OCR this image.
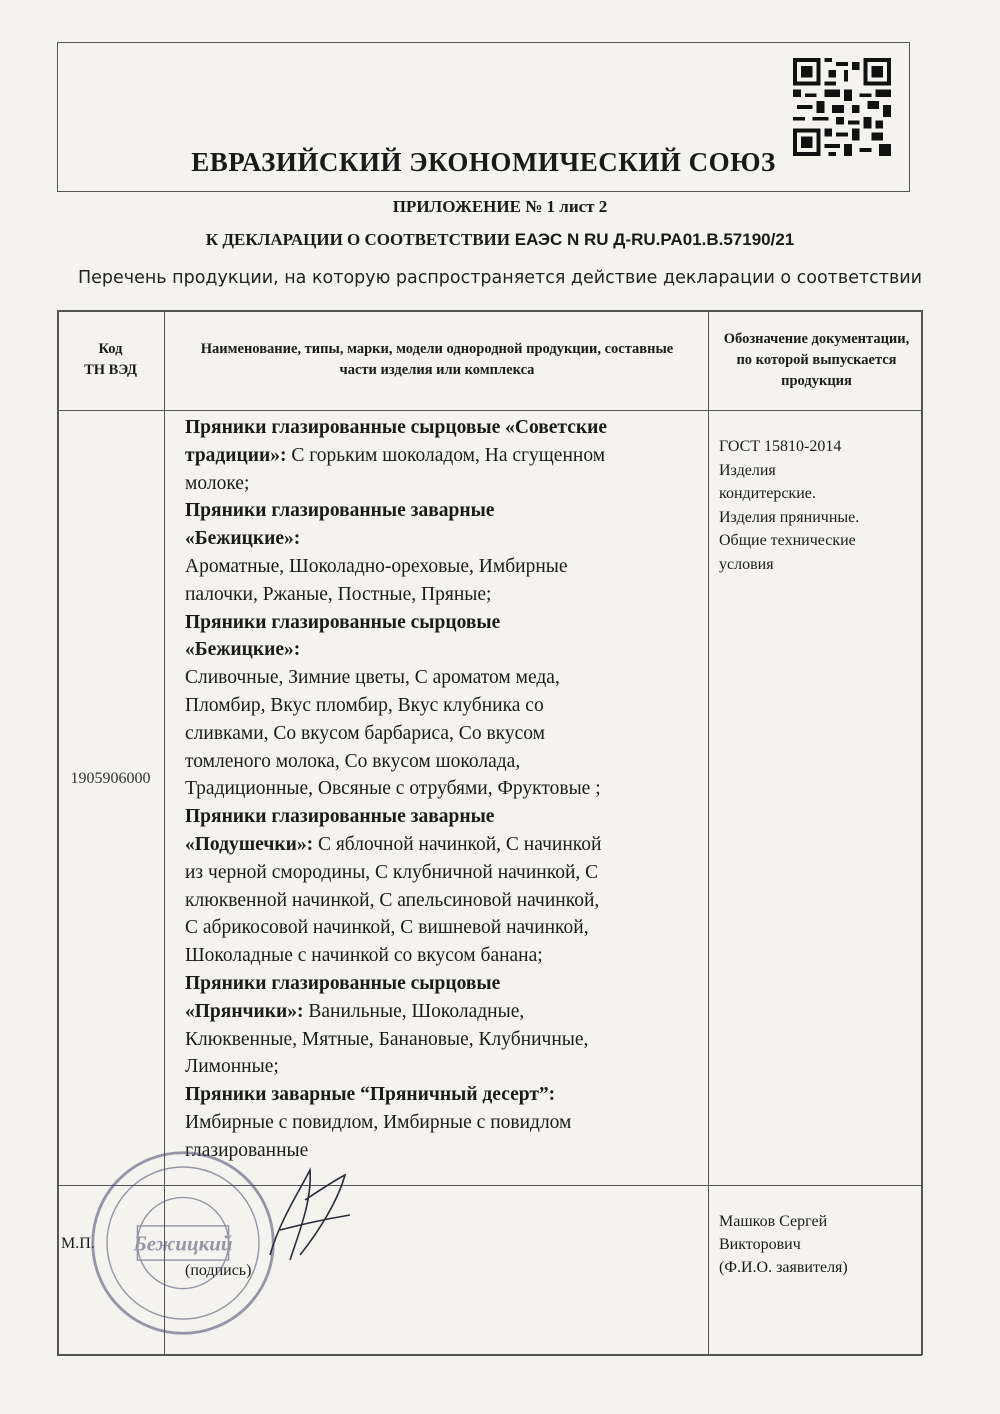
ЕВРАЗИЙСКИЙ ЭКОНОМИЧЕСКИЙ СОЮЗ
ПРИЛОЖЕНИЕ № 1 лист 2
К ДЕКЛАРАЦИИ О СООТВЕТСТВИИ ЕАЭС N RU Д-RU.PA01.B.57190/21
Перечень продукции, на которую распространяется действие декларации о соответствии
Код
ТН ВЭД
Наименование, типы, марки, модели однородной продукции, составные части изделия или комплекса
Обозначение документации, по которой выпускается продукция
1905906000
Пряники глазированные сырцовые «Советские
традиции»: С горьким шоколадом, На сгущенном
молоке;
Пряники глазированные заварные
«Бежицкие»:
Ароматные, Шоколадно-ореховые, Имбирные
палочки, Ржаные, Постные, Пряные;
Пряники глазированные сырцовые
«Бежицкие»:
Сливочные, Зимние цветы, С ароматом меда,
Пломбир, Вкус пломбир, Вкус клубника со
сливками, Со вкусом барбариса, Со вкусом
томленого молока, Со вкусом шоколада,
Традиционные, Овсяные с отрубями, Фруктовые ;
Пряники глазированные заварные
«Подушечки»: С яблочной начинкой, С начинкой
из черной смородины, С клубничной начинкой, С
клюквенной начинкой, С апельсиновой начинкой,
С абрикосовой начинкой, С вишневой начинкой,
Шоколадные с начинкой со вкусом банана;
Пряники глазированные сырцовые
«Прянчики»: Ванильные, Шоколадные,
Клюквенные, Мятные, Банановые, Клубничные,
Лимонные;
Пряники заварные “Пряничный десерт”:
Имбирные с повидлом, Имбирные с повидлом
глазированные
ГОСТ 15810-2014
Изделия
кондитерские.
Изделия пряничные.
Общие технические
условия
М.П.
(подпись)
Машков Сергей
Викторович
(Ф.И.О. заявителя)
Бежицкий
